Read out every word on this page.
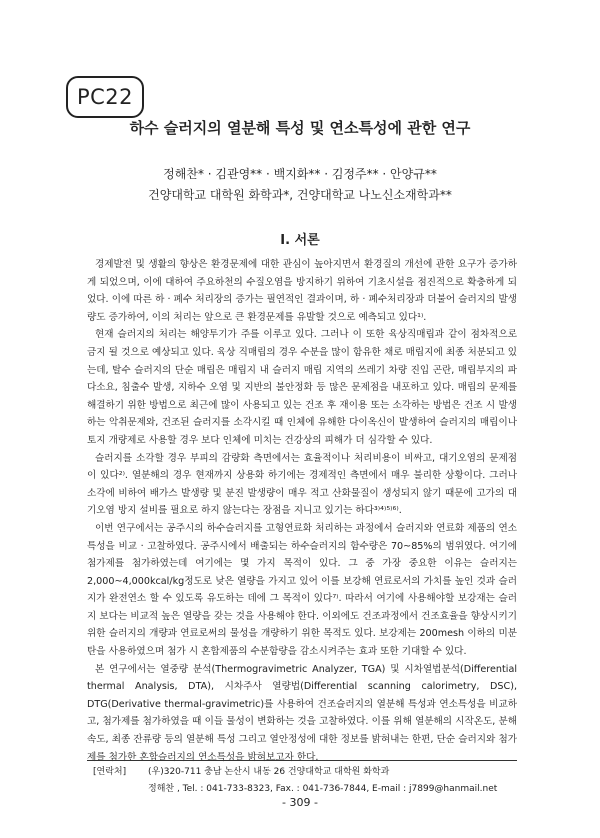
PC22
하수 슬러지의 열분해 특성 및 연소특성에 관한 연구
정해찬* · 김관영** · 백지화** · 김정주** · 안양규**
건양대학교 대학원 화학과*, 건양대학교 나노신소재학과**
I. 서론

경제발전 및 생활의 향상은 환경문제에 대한 관심이 높아지면서 환경질의 개선에 관한 요구가 증가하게 되었으며, 이에 대하여 주요하천의 수질오염을 방지하기 위하여 기초시설을 점진적으로 확충하게 되었다. 이에 따른 하 · 폐수 처리장의 증가는 필연적인 결과이며, 하 · 폐수처리장과 더불어 슬러지의 발생량도 증가하여, 이의 처리는 앞으로 큰 환경문제를 유발할 것으로 예측되고 있다¹⁾.

현재 슬러지의 처리는 해양투기가 주를 이루고 있다. 그러나 이 또한 육상직매립과 같이 점차적으로 금지 될 것으로 예상되고 있다. 육상 직매립의 경우 수분을 많이 함유한 채로 매립지에 최종 처분되고 있는데, 탈수 슬러지의 단순 매립은 매립지 내 슬러지 매립 지역의 쓰레기 차량 진입 곤란, 매립부지의 파다소요, 침출수 발생, 지하수 오염 및 지반의 불안정화 등 많은 문제점을 내포하고 있다. 매립의 문제를 해결하기 위한 방법으로 최근에 많이 사용되고 있는 건조 후 재이용 또는 소각하는 방법은 건조 시 발생하는 악취문제와, 건조된 슬러지를 소각시킬 때 인체에 유해한 다이옥신이 발생하여 슬러지의 매립이나 토지 개량제로 사용할 경우 보다 인체에 미치는 건강상의 피해가 더 심각할 수 있다.

슬러지를 소각할 경우 부피의 감량화 측면에서는 효율적이나 처리비용이 비싸고, 대기오염의 문제점이 있다²⁾. 열분해의 경우 현재까지 상용화 하기에는 경제적인 측면에서 매우 불리한 상황이다. 그러나 소각에 비하여 배가스 발생량 및 분진 발생량이 매우 적고 산화물질이 생성되지 않기 때문에 고가의 대기오염 방지 설비를 필요로 하지 않는다는 장점을 지니고 있기는 하다³⁾⁴⁾⁵⁾⁶⁾.

이번 연구에서는 공주시의 하수슬러지를 고형연료화 처리하는 과정에서 슬러지와 연료화 제품의 연소특성을 비교 · 고찰하였다. 공주시에서 배출되는 하수슬러지의 함수량은 70~85%의 범위였다. 여기에 첨가제를 첨가하였는데 여기에는 몇 가지 목적이 있다. 그 중 가장 중요한 이유는 슬러지는 2,000~4,000kcal/kg정도로 낮은 열량을 가지고 있어 이를 보강해 연료로서의 가치를 높인 것과 슬러지가 완전연소 할 수 있도록 유도하는 데에 그 목적이 있다⁷⁾. 따라서 여기에 사용해야할 보강재는 슬러지 보다는 비교적 높은 열량을 갖는 것을 사용해야 한다. 이외에도 건조과정에서 건조효율을 향상시키기 위한 슬러지의 개량과 연료로써의 물성을 개량하기 위한 목적도 있다. 보강제는 200mesh 이하의 미분탄을 사용하였으며 첨가 시 혼합제품의 수분함량을 감소시켜주는 효과 또한 기대할 수 있다.

본 연구에서는 열중량 분석(Thermogravimetric Analyzer, TGA) 및 시차열법분석(Differential thermal Analysis, DTA), 시차주사 열량법(Differential scanning calorimetry, DSC), DTG(Derivative thermal-gravimetric)를 사용하여 건조슬러지의 열분해 특성과 연소특성을 비교하고, 첨가제를 첨가하였을 때 이들 물성이 변화하는 것을 고찰하였다. 이를 위해 열분해의 시작온도, 분해속도, 최종 잔류량 등의 열분해 특성 그리고 열안정성에 대한 정보를 밝혀내는 한편, 단순 슬러지와 첨가제를 첨가한 혼합슬러지의 연소특성을 밝혀보고자 한다.

[연락처] (우)320-711 충남 논산시 내동 26 건양대학교 대학원 화학과
정해찬 , Tel. : 041-733-8323, Fax. : 041-736-7844, E-mail : j7899@hanmail.net
- 309 -
